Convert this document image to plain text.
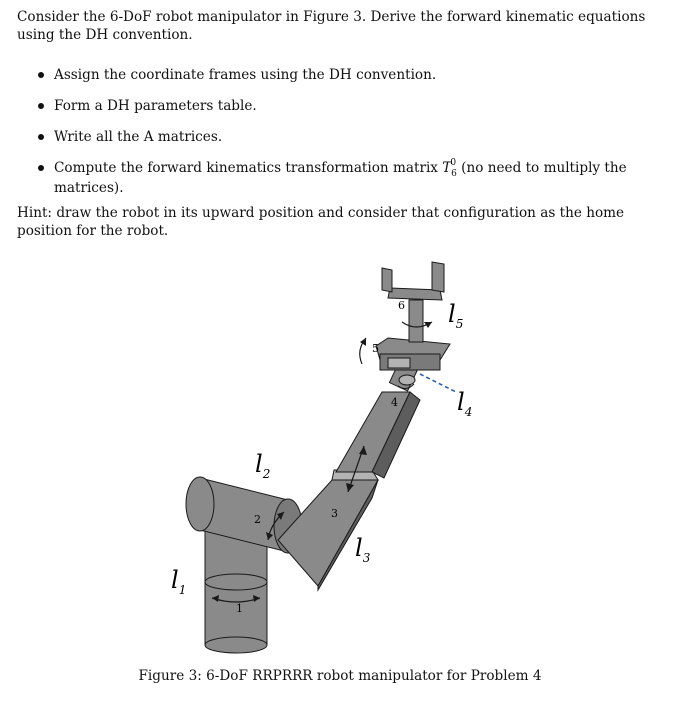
Consider the 6-DoF robot manipulator in Figure 3. Derive the forward kinematic equations using the DH convention.
Assign the coordinate frames using the DH convention.
Form a DH parameters table.
Write all the A matrices.
Compute the forward kinematics transformation matrix $T^0_6$ (no need to multiply the matrices).
Hint: draw the robot in its upward position and consider that configuration as the home position for the robot.
1
2	3
4
5
6
$l_1$
$l_2$
$l_3$
$l_4$
$l_5$
Figure 3: 6-DoF RRPRRR robot manipulator for Problem 4
